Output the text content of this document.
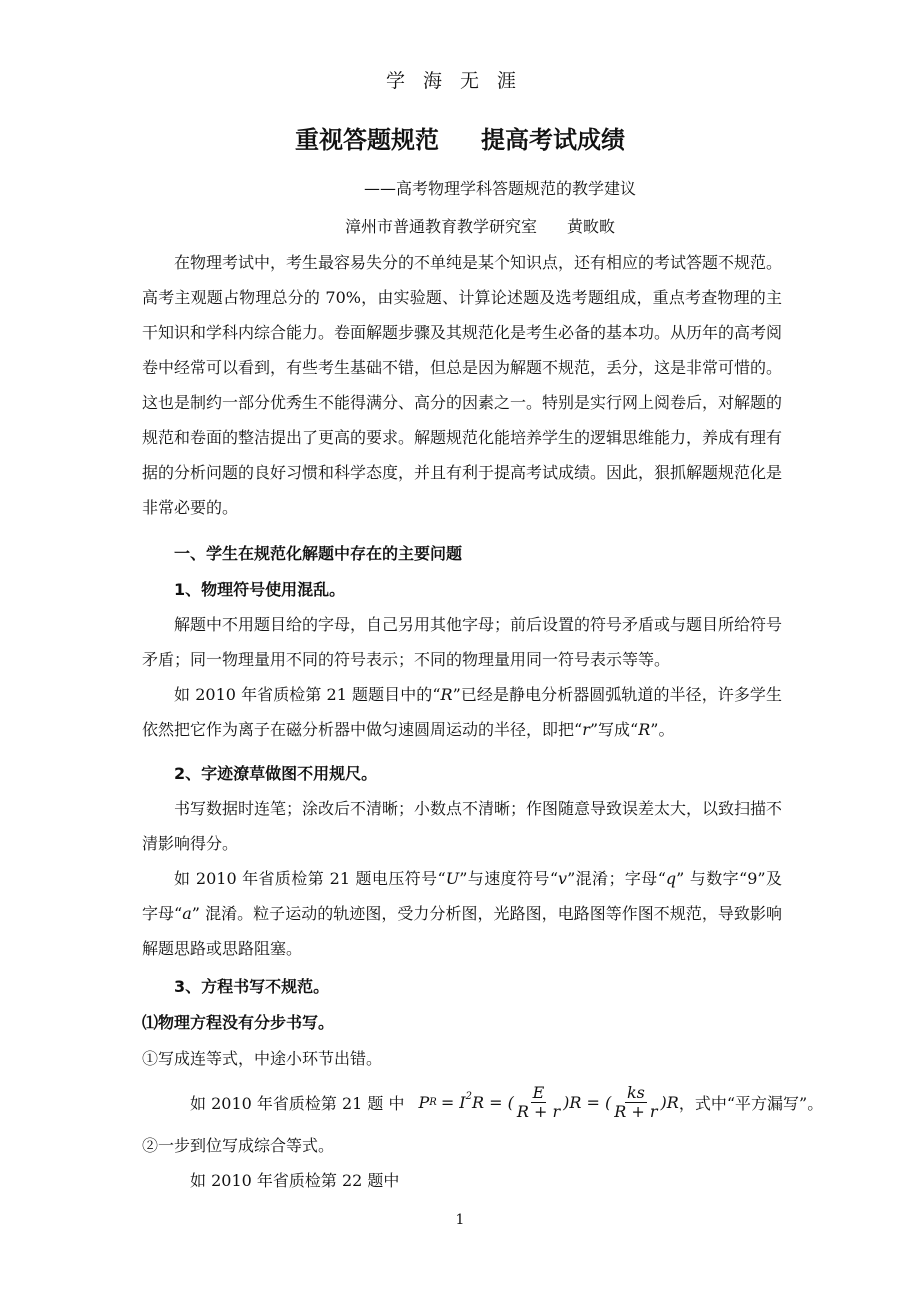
学海无涯
重视答题规范 提高考试成绩
——高考物理学科答题规范的教学建议
漳州市普通教育教学研究室 黄畋畋
在物理考试中，考生最容易失分的不单纯是某个知识点，还有相应的考试答题不规范。高考主观题占物理总分的 70%，由实验题、计算论述题及选考题组成，重点考查物理的主干知识和学科内综合能力。卷面解题步骤及其规范化是考生必备的基本功。从历年的高考阅卷中经常可以看到，有些考生基础不错，但总是因为解题不规范，丢分，这是非常可惜的。这也是制约一部分优秀生不能得满分、高分的因素之一。特别是实行网上阅卷后，对解题的规范和卷面的整洁提出了更高的要求。解题规范化能培养学生的逻辑思维能力，养成有理有据的分析问题的良好习惯和科学态度，并且有利于提高考试成绩。因此，狠抓解题规范化是非常必要的。
一、学生在规范化解题中存在的主要问题
1、物理符号使用混乱。
解题中不用题目给的字母，自己另用其他字母；前后设置的符号矛盾或与题目所给符号矛盾；同一物理量用不同的符号表示；不同的物理量用同一符号表示等等。
如 2010 年省质检第 21 题题目中的“R”已经是静电分析器圆弧轨道的半径，许多学生依然把它作为离子在磁分析器中做匀速圆周运动的半径，即把“r”写成“R”。
2、字迹潦草做图不用规尺。
书写数据时连笔；涂改后不清晰；小数点不清晰；作图随意导致误差太大，以致扫描不清影响得分。
如 2010 年省质检第 21 题电压符号“U”与速度符号“v”混淆；字母“q” 与数字“9”及字母“a” 混淆。粒子运动的轨迹图，受力分析图，光路图，电路图等作图不规范，导致影响解题思路或思路阻塞。
3、方程书写不规范。
⑴物理方程没有分步书写。
①写成连等式，中途小环节出错。
如 2010 年省质检第 21 题 中 P $R = I^2$ R = ( $\frac{E}{R + r} )R$ = ( $\frac{ks}{R + r} )R$ ，式中“平方漏写”。
②一步到位写成综合等式。
如 2010 年省质检第 22 题中
1
